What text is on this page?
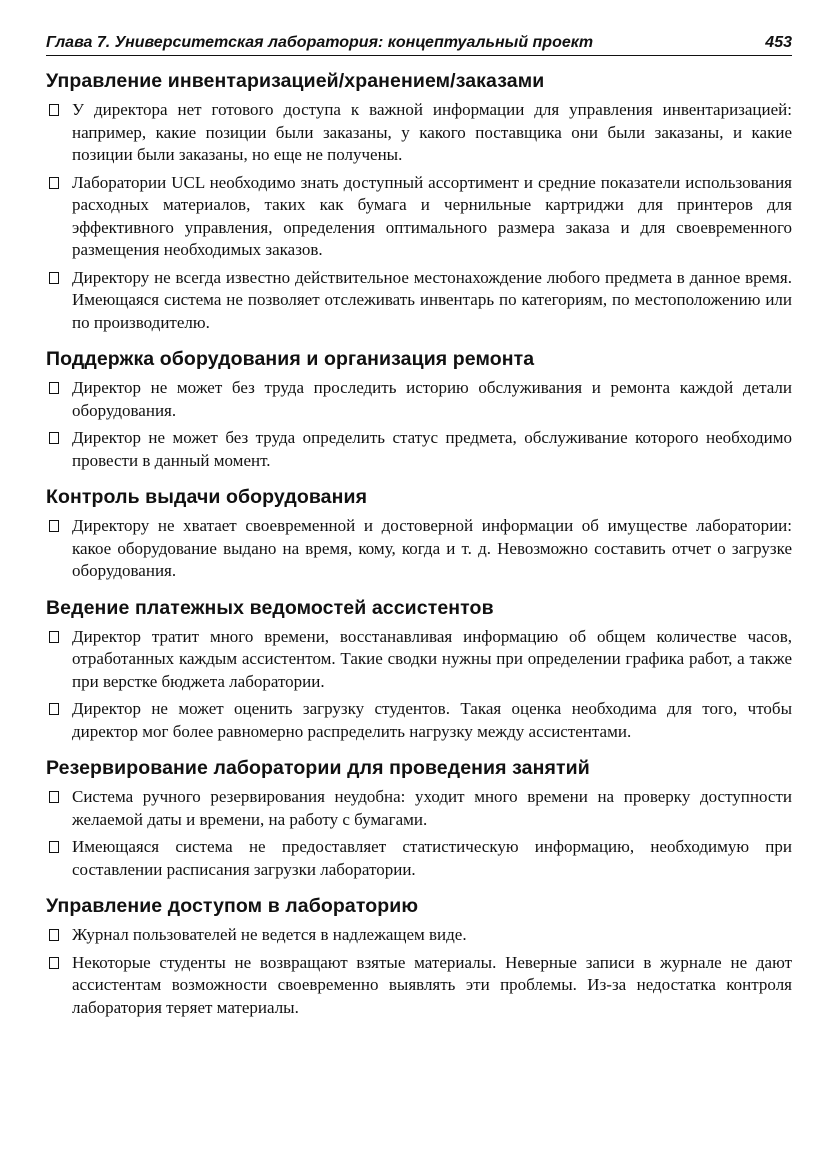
Глава 7. Университетская лаборатория: концептуальный проект	453
Управление инвентаризацией/хранением/заказами
У директора нет готового доступа к важной информации для управления инвентаризацией: например, какие позиции были заказаны, у какого поставщика они были заказаны, и какие позиции были заказаны, но еще не получены.
Лаборатории UCL необходимо знать доступный ассортимент и средние показатели использования расходных материалов, таких как бумага и чернильные картриджи для принтеров для эффективного управления, определения оптимального размера заказа и для своевременного размещения необходимых заказов.
Директору не всегда известно действительное местонахождение любого предмета в данное время. Имеющаяся система не позволяет отслеживать инвентарь по категориям, по местоположению или по производителю.
Поддержка оборудования и организация ремонта
Директор не может без труда проследить историю обслуживания и ремонта каждой детали оборудования.
Директор не может без труда определить статус предмета, обслуживание которого необходимо провести в данный момент.
Контроль выдачи оборудования
Директору не хватает своевременной и достоверной информации об имуществе лаборатории: какое оборудование выдано на время, кому, когда и т. д. Невозможно составить отчет о загрузке оборудования.
Ведение платежных ведомостей ассистентов
Директор тратит много времени, восстанавливая информацию об общем количестве часов, отработанных каждым ассистентом. Такие сводки нужны при определении графика работ, а также при верстке бюджета лаборатории.
Директор не может оценить загрузку студентов. Такая оценка необходима для того, чтобы директор мог более равномерно распределить нагрузку между ассистентами.
Резервирование лаборатории для проведения занятий
Система ручного резервирования неудобна: уходит много времени на проверку доступности желаемой даты и времени, на работу с бумагами.
Имеющаяся система не предоставляет статистическую информацию, необходимую при составлении расписания загрузки лаборатории.
Управление доступом в лабораторию
Журнал пользователей не ведется в надлежащем виде.
Некоторые студенты не возвращают взятые материалы. Неверные записи в журнале не дают ассистентам возможности своевременно выявлять эти проблемы. Из-за недостатка контроля лаборатория теряет материалы.
